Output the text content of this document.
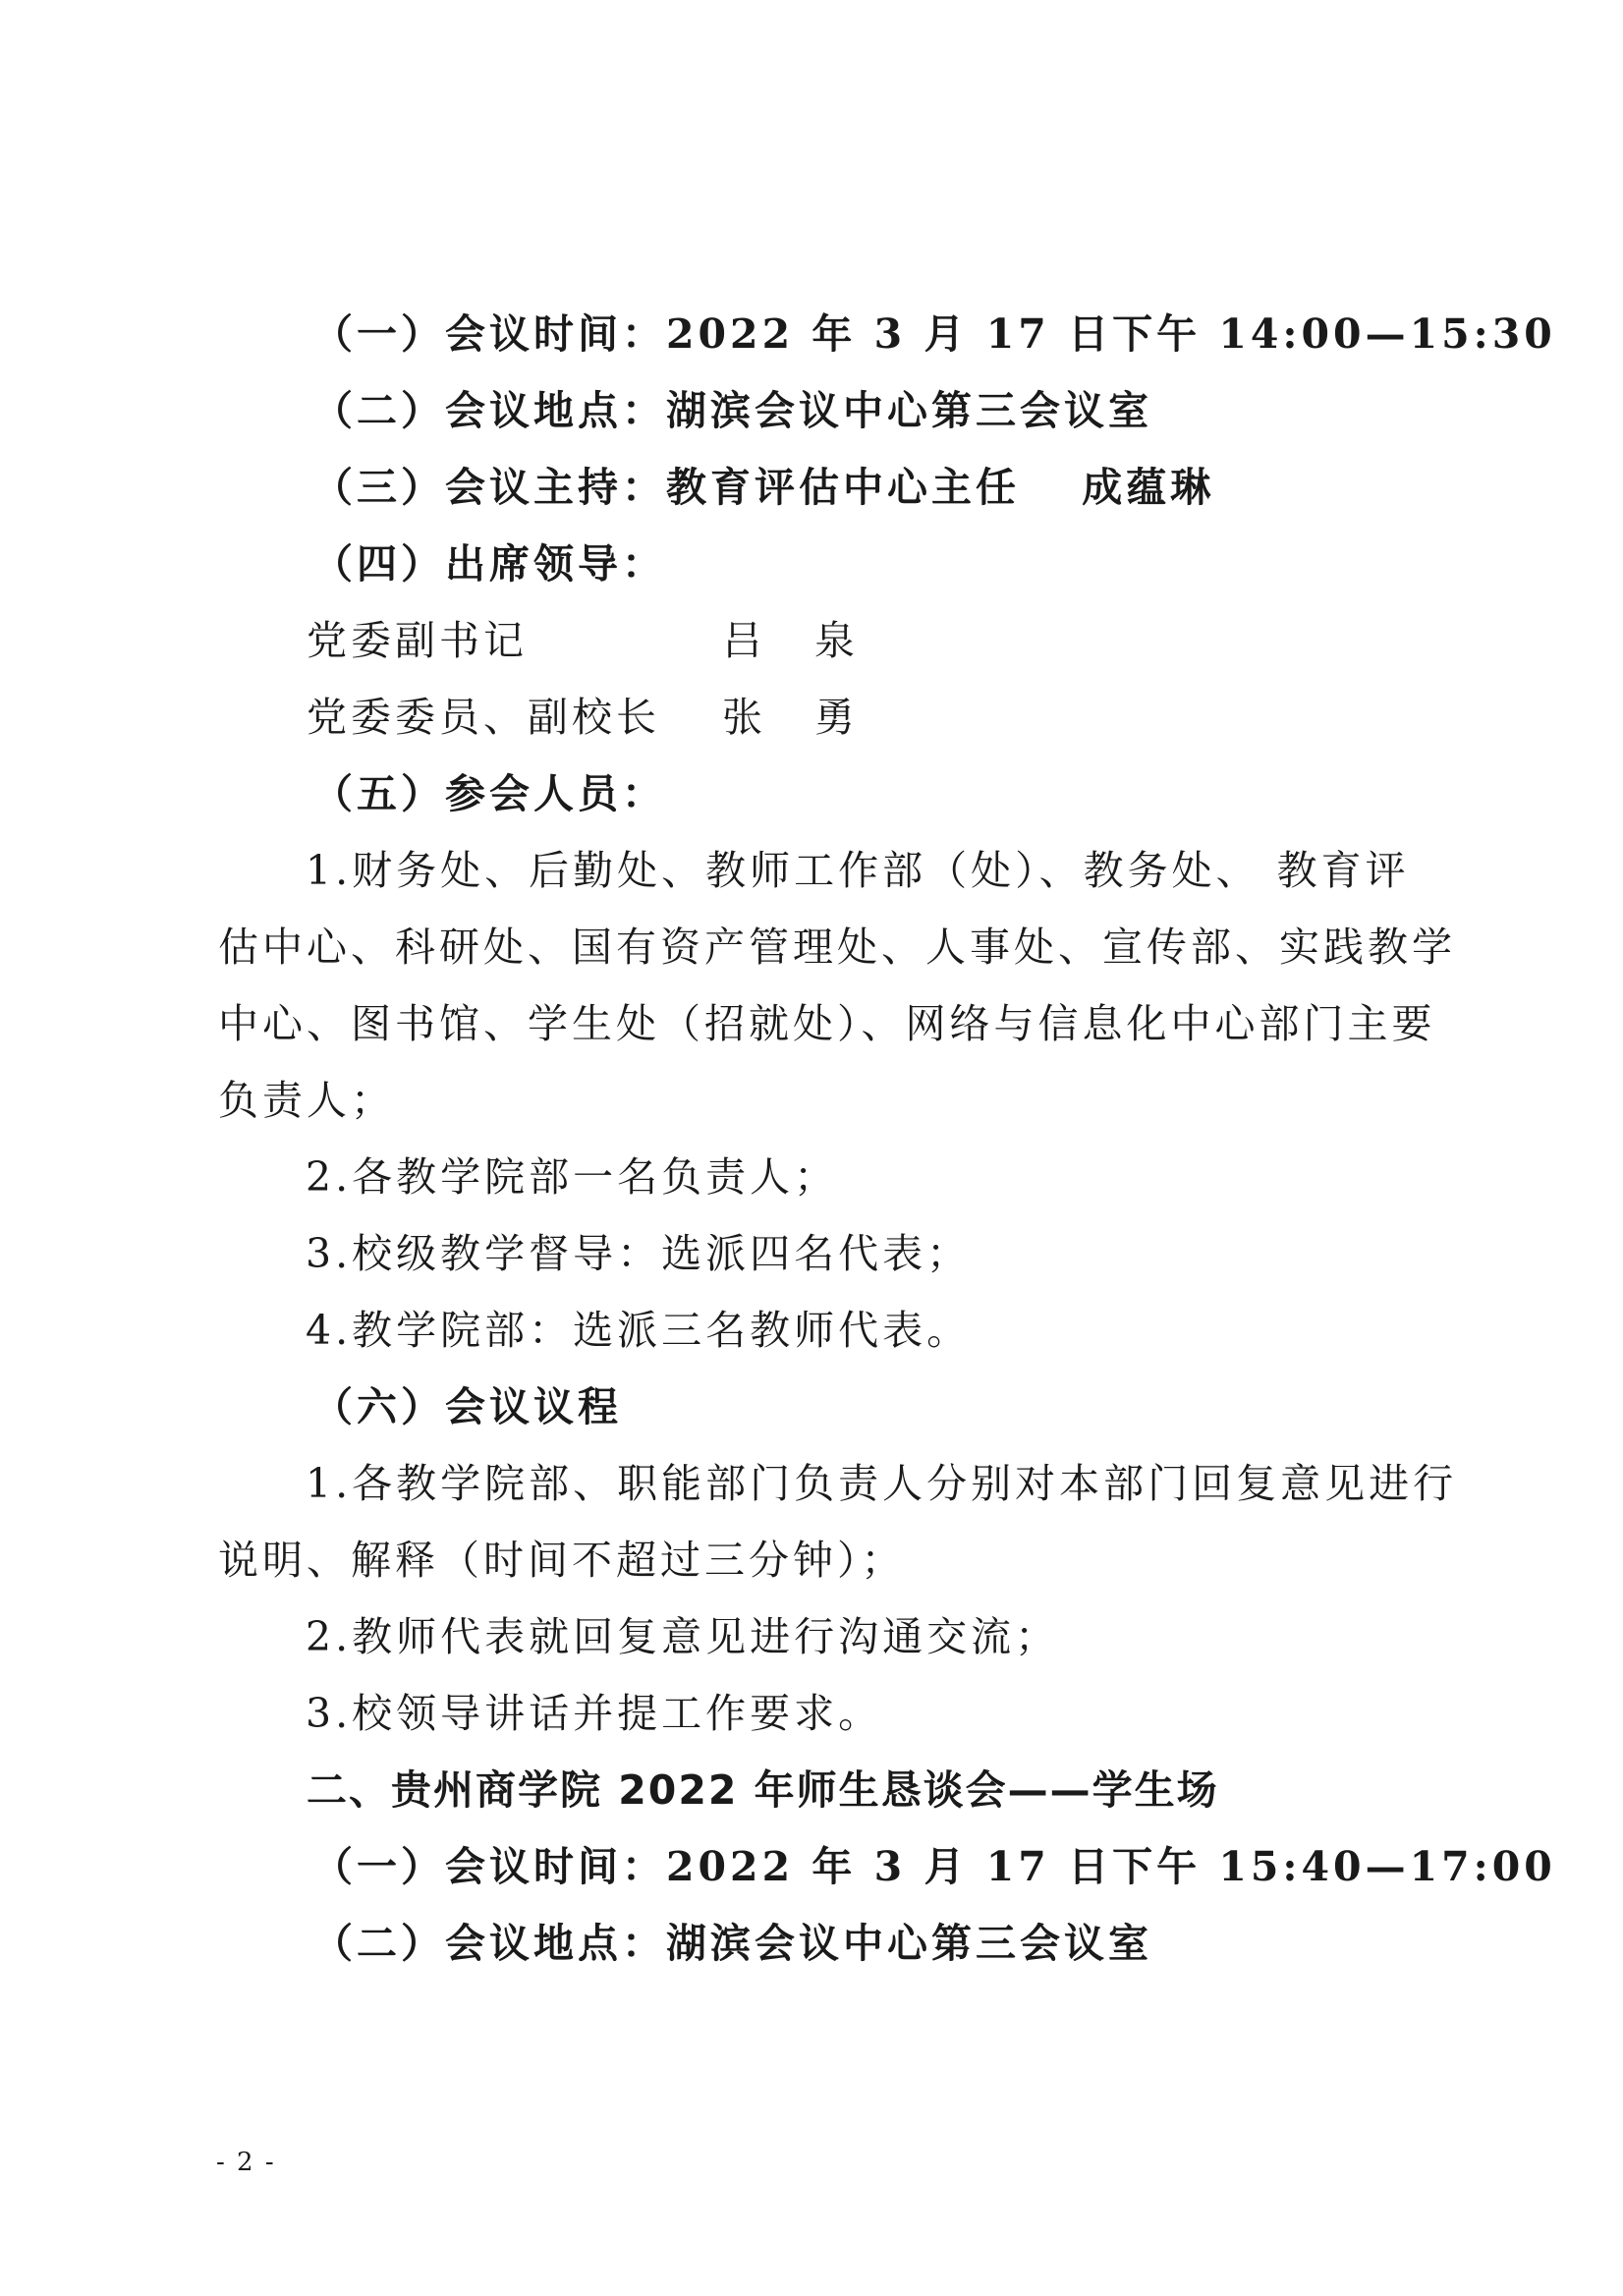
（一）会议时间：2022 年 3 月 17 日下午 14:00—15:30
（二）会议地点：湖滨会议中心第三会议室
（三）会议主持：教育评估中心主任　 成蕴琳
（四）出席领导：
党委副书记	吕 泉
党委委员、副校长 张 勇
（五）参会人员：
1.财务处、后勤处、教师工作部（处）、教务处、 教育评
估中心、科研处、国有资产管理处、人事处、宣传部、实践教学
中心、图书馆、学生处（招就处）、网络与信息化中心部门主要
负责人；
2.各教学院部一名负责人；
3.校级教学督导：选派四名代表；
4.教学院部：选派三名教师代表。
（六）会议议程
1.各教学院部、职能部门负责人分别对本部门回复意见进行
说明、解释（时间不超过三分钟）；
2.教师代表就回复意见进行沟通交流；
3.校领导讲话并提工作要求。
二、贵州商学院 2022 年师生恳谈会——学生场
（一）会议时间：2022 年 3 月 17 日下午 15:40—17:00
（二）会议地点：湖滨会议中心第三会议室
- 2 -
